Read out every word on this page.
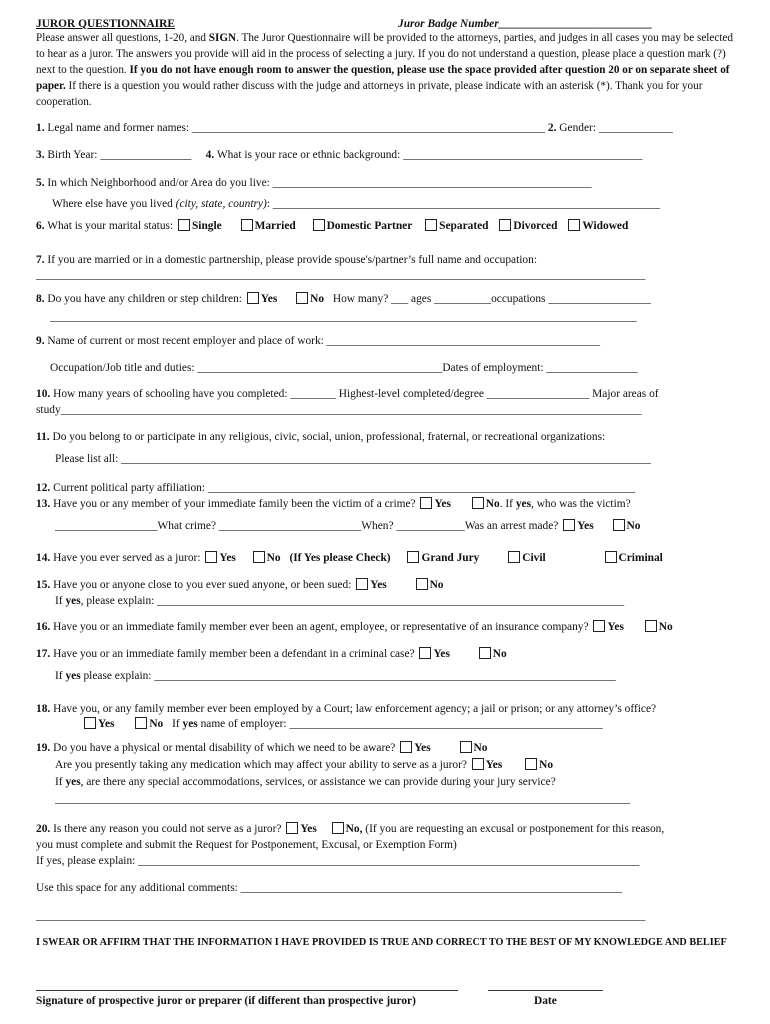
JUROR QUESTIONNAIRE	Juror Badge Number___________________________
Please answer all questions, 1-20, and SIGN. The Juror Questionnaire will be provided to the attorneys, parties, and judges in all cases you may be selected to hear as a juror. The answers you provide will aid in the process of selecting a jury. If you do not understand a question, please place a question mark (?) next to the question. If you do not have enough room to answer the question, please use the space provided after question 20 or on separate sheet of paper. If there is a question you would rather discuss with the judge and attorneys in private, please indicate with an asterisk (*). Thank you for your cooperation.
1. Legal name and former names: ______________________________________________________________ 2. Gender: _____________
3. Birth Year: ________________ 4. What is your race or ethnic background: __________________________________________
5. In which Neighborhood and/or Area do you live: ________________________________________________________
Where else have you lived (city, state, country): ____________________________________________________________________
6. What is your marital status: Single	Married	Domestic Partner Separated Divorced Widowed
7. If you are married or in a domestic partnership, please provide spouse's/partner’s full name and occupation:
___________________________________________________________________________________________________________
8. Do you have any children or step children: Yes	No How many? ___ ages __________occupations __________________
_______________________________________________________________________________________________________
9. Name of current or most recent employer and place of work: ________________________________________________
Occupation/Job title and duties: ___________________________________________Dates of employment: ________________
10. How many years of schooling have you completed: ________ Highest-level completed/degree __________________ Major areas of
study______________________________________________________________________________________________________
11. Do you belong to or participate in any religious, civic, social, union, professional, fraternal, or recreational organizations:
Please list all: _____________________________________________________________________________________________
12. Current political party affiliation: ___________________________________________________________________________
13. Have you or any member of your immediate family been the victim of a crime? Yes	No. If yes, who was the victim?
__________________What crime? _________________________When? ____________Was an arrest made? Yes	No
14. Have you ever served as a juror: Yes	No (If Yes please Check)	Grand Jury	Civil	Criminal
15. Have you or anyone close to you ever sued anyone, or been sued: Yes	No
If yes, please explain: __________________________________________________________________________________
16. Have you or an immediate family member ever been an agent, employee, or representative of an insurance company? Yes	No
17. Have you or an immediate family member been a defendant in a criminal case? Yes	No
If yes please explain: _________________________________________________________________________________
18. Have you, or any family member ever been employed by a Court; law enforcement agency; a jail or prison; or any attorney’s office?
Yes	No If yes name of employer: _______________________________________________________
19. Do you have a physical or mental disability of which we need to be aware? Yes	No
Are you presently taking any medication which may affect your ability to serve as a juror? Yes	No
If yes, are there any special accommodations, services, or assistance we can provide during your jury service?
_____________________________________________________________________________________________________
20. Is there any reason you could not serve as a juror? Yes	No, (If you are requesting an excusal or postponement for this reason,
you must complete and submit the Request for Postponement, Excusal, or Exemption Form)
If yes, please explain: ________________________________________________________________________________________
Use this space for any additional comments: ___________________________________________________________________
___________________________________________________________________________________________________________
I SWEAR OR AFFIRM THAT THE INFORMATION I HAVE PROVIDED IS TRUE AND CORRECT TO THE BEST OF MY KNOWLEDGE AND BELIEF
Signature of prospective juror or preparer (if different than prospective juror)	Date
